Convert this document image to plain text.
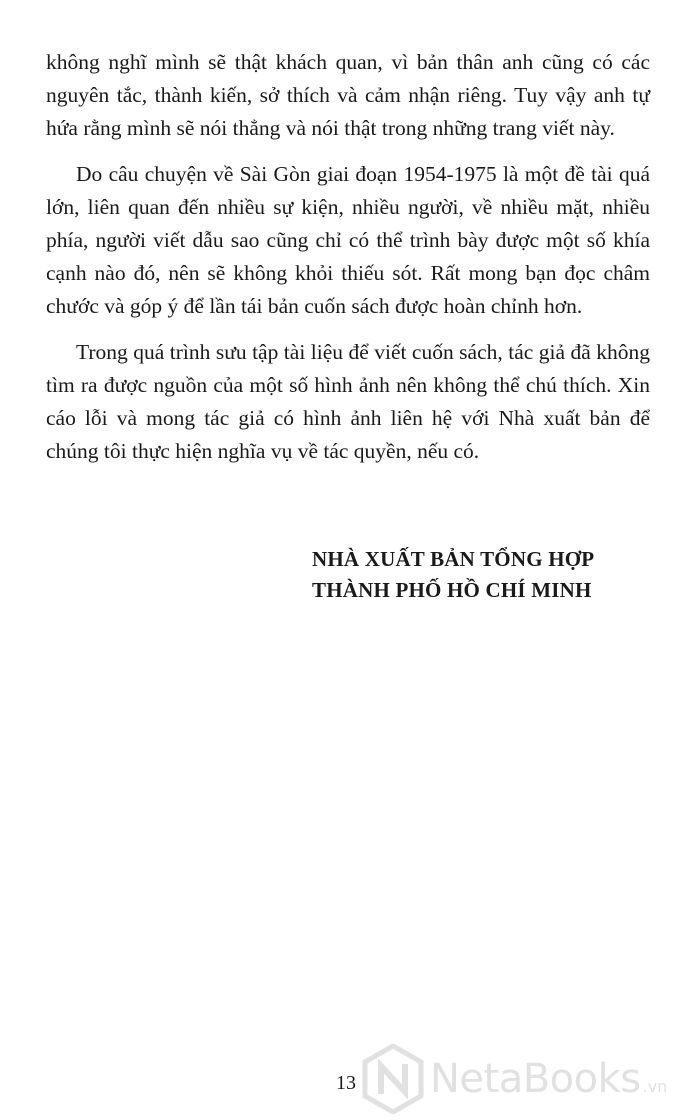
không nghĩ mình sẽ thật khách quan, vì bản thân anh cũng có các nguyên tắc, thành kiến, sở thích và cảm nhận riêng. Tuy vậy anh tự hứa rằng mình sẽ nói thẳng và nói thật trong những trang viết này.

Do câu chuyện về Sài Gòn giai đoạn 1954-1975 là một đề tài quá lớn, liên quan đến nhiều sự kiện, nhiều người, về nhiều mặt, nhiều phía, người viết dẫu sao cũng chỉ có thể trình bày được một số khía cạnh nào đó, nên sẽ không khỏi thiếu sót. Rất mong bạn đọc châm chước và góp ý để lần tái bản cuốn sách được hoàn chỉnh hơn.

Trong quá trình sưu tập tài liệu để viết cuốn sách, tác giả đã không tìm ra được nguồn của một số hình ảnh nên không thể chú thích. Xin cáo lỗi và mong tác giả có hình ảnh liên hệ với Nhà xuất bản để chúng tôi thực hiện nghĩa vụ về tác quyền, nếu có.

NHÀ XUẤT BẢN TỔNG HỢP
THÀNH PHỐ HỒ CHÍ MINH
13 NetaBooks .vn
